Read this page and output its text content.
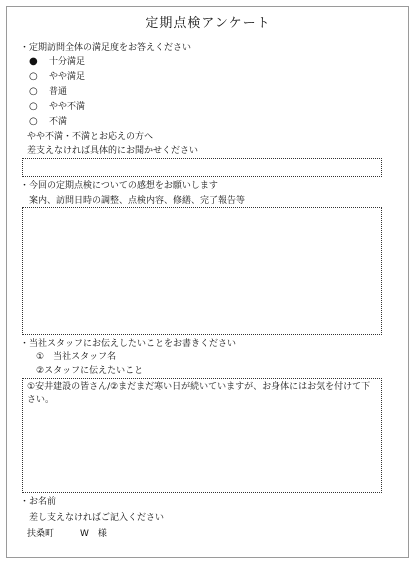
定期点検アンケート
・定期訪問全体の満足度をお答えください
● 十分満足
○ やや満足
○ 普通
○ やや不満
○ 不満
やや不満・不満とお応えの方へ
差支えなければ具体的にお聞かせください
・今回の定期点検についての感想をお願いします
案内、訪問日時の調整、点検内容、修繕、完了報告等
・当社スタッフにお伝えしたいことをお書きください
①　当社スタッフ名
②スタッフに伝えたいこと
①安井建設の皆さん/②まだまだ寒い日が続いていますが、お身体にはお気を付けて下さい。
・お名前
差し支えなければご記入ください
扶桑町	W　様
